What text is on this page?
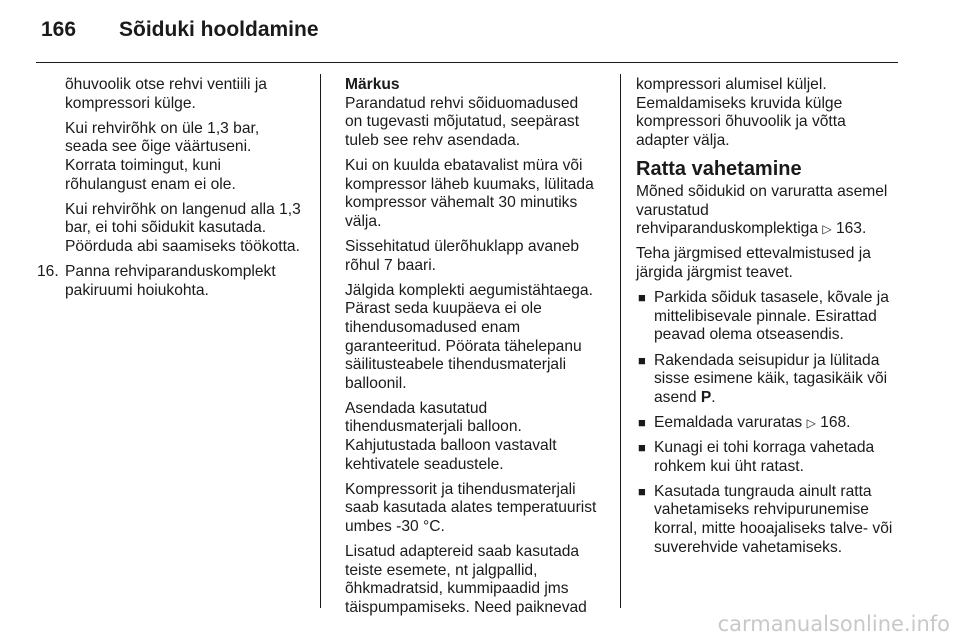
166	Sõiduki hooldamine

õhuvoolik otse rehvi ventiili ja
kompressori külge.

Kui rehvirõhk on üle 1,3 bar,
seada see õige väärtuseni.
Korrata toimingut, kuni
rõhulangust enam ei ole.

Kui rehvirõhk on langenud alla 1,3
bar, ei tohi sõidukit kasutada.
Pöörduda abi saamiseks töökotta.

16. Panna rehviparanduskomplekt
pakiruumi hoiukohta.

Märkus

Parandatud rehvi sõiduomadused
on tugevasti mõjutatud, seepärast
tuleb see rehv asendada.

Kui on kuulda ebatavalist müra või
kompressor läheb kuumaks, lülitada
kompressor vähemalt 30 minutiks
välja.

Sissehitatud ülerõhuklapp avaneb
rõhul 7 baari.

Jälgida komplekti aegumistähtaega.
Pärast seda kuupäeva ei ole
tihendusomadused enam
garanteeritud. Pöörata tähelepanu
säilitusteabele tihendusmaterjali
balloonil.

Asendada kasutatud
tihendusmaterjali balloon.
Kahjutustada balloon vastavalt
kehtivatele seadustele.

Kompressorit ja tihendusmaterjali
saab kasutada alates temperatuurist
umbes -30 °C.

Lisatud adaptereid saab kasutada
teiste esemete, nt jalgpallid,
õhkmadratsid, kummipaadid jms
täispumpamiseks. Need paiknevad

kompressori alumisel küljel.
Eemaldamiseks kruvida külge
kompressori õhuvoolik ja võtta
adapter välja.

Ratta vahetamine

Mõned sõidukid on varuratta asemel
varustatud
rehviparanduskomplektiga ▷ 163.

Teha järgmised ettevalmistused ja
järgida järgmist teavet.

■ Parkida sõiduk tasasele, kõvale ja
mittelibisevale pinnale. Esirattad
peavad olema otseasendis.
■ Rakendada seisupidur ja lülitada
sisse esimene käik, tagasikäik või
asend P.
■ Eemaldada varuratas ▷ 168.
■ Kunagi ei tohi korraga vahetada
rohkem kui üht ratast.
■ Kasutada tungrauda ainult ratta
vahetamiseks rehvipurunemise
korral, mitte hooajaliseks talve- või
suverehvide vahetamiseks.
carmanualsonline.info
